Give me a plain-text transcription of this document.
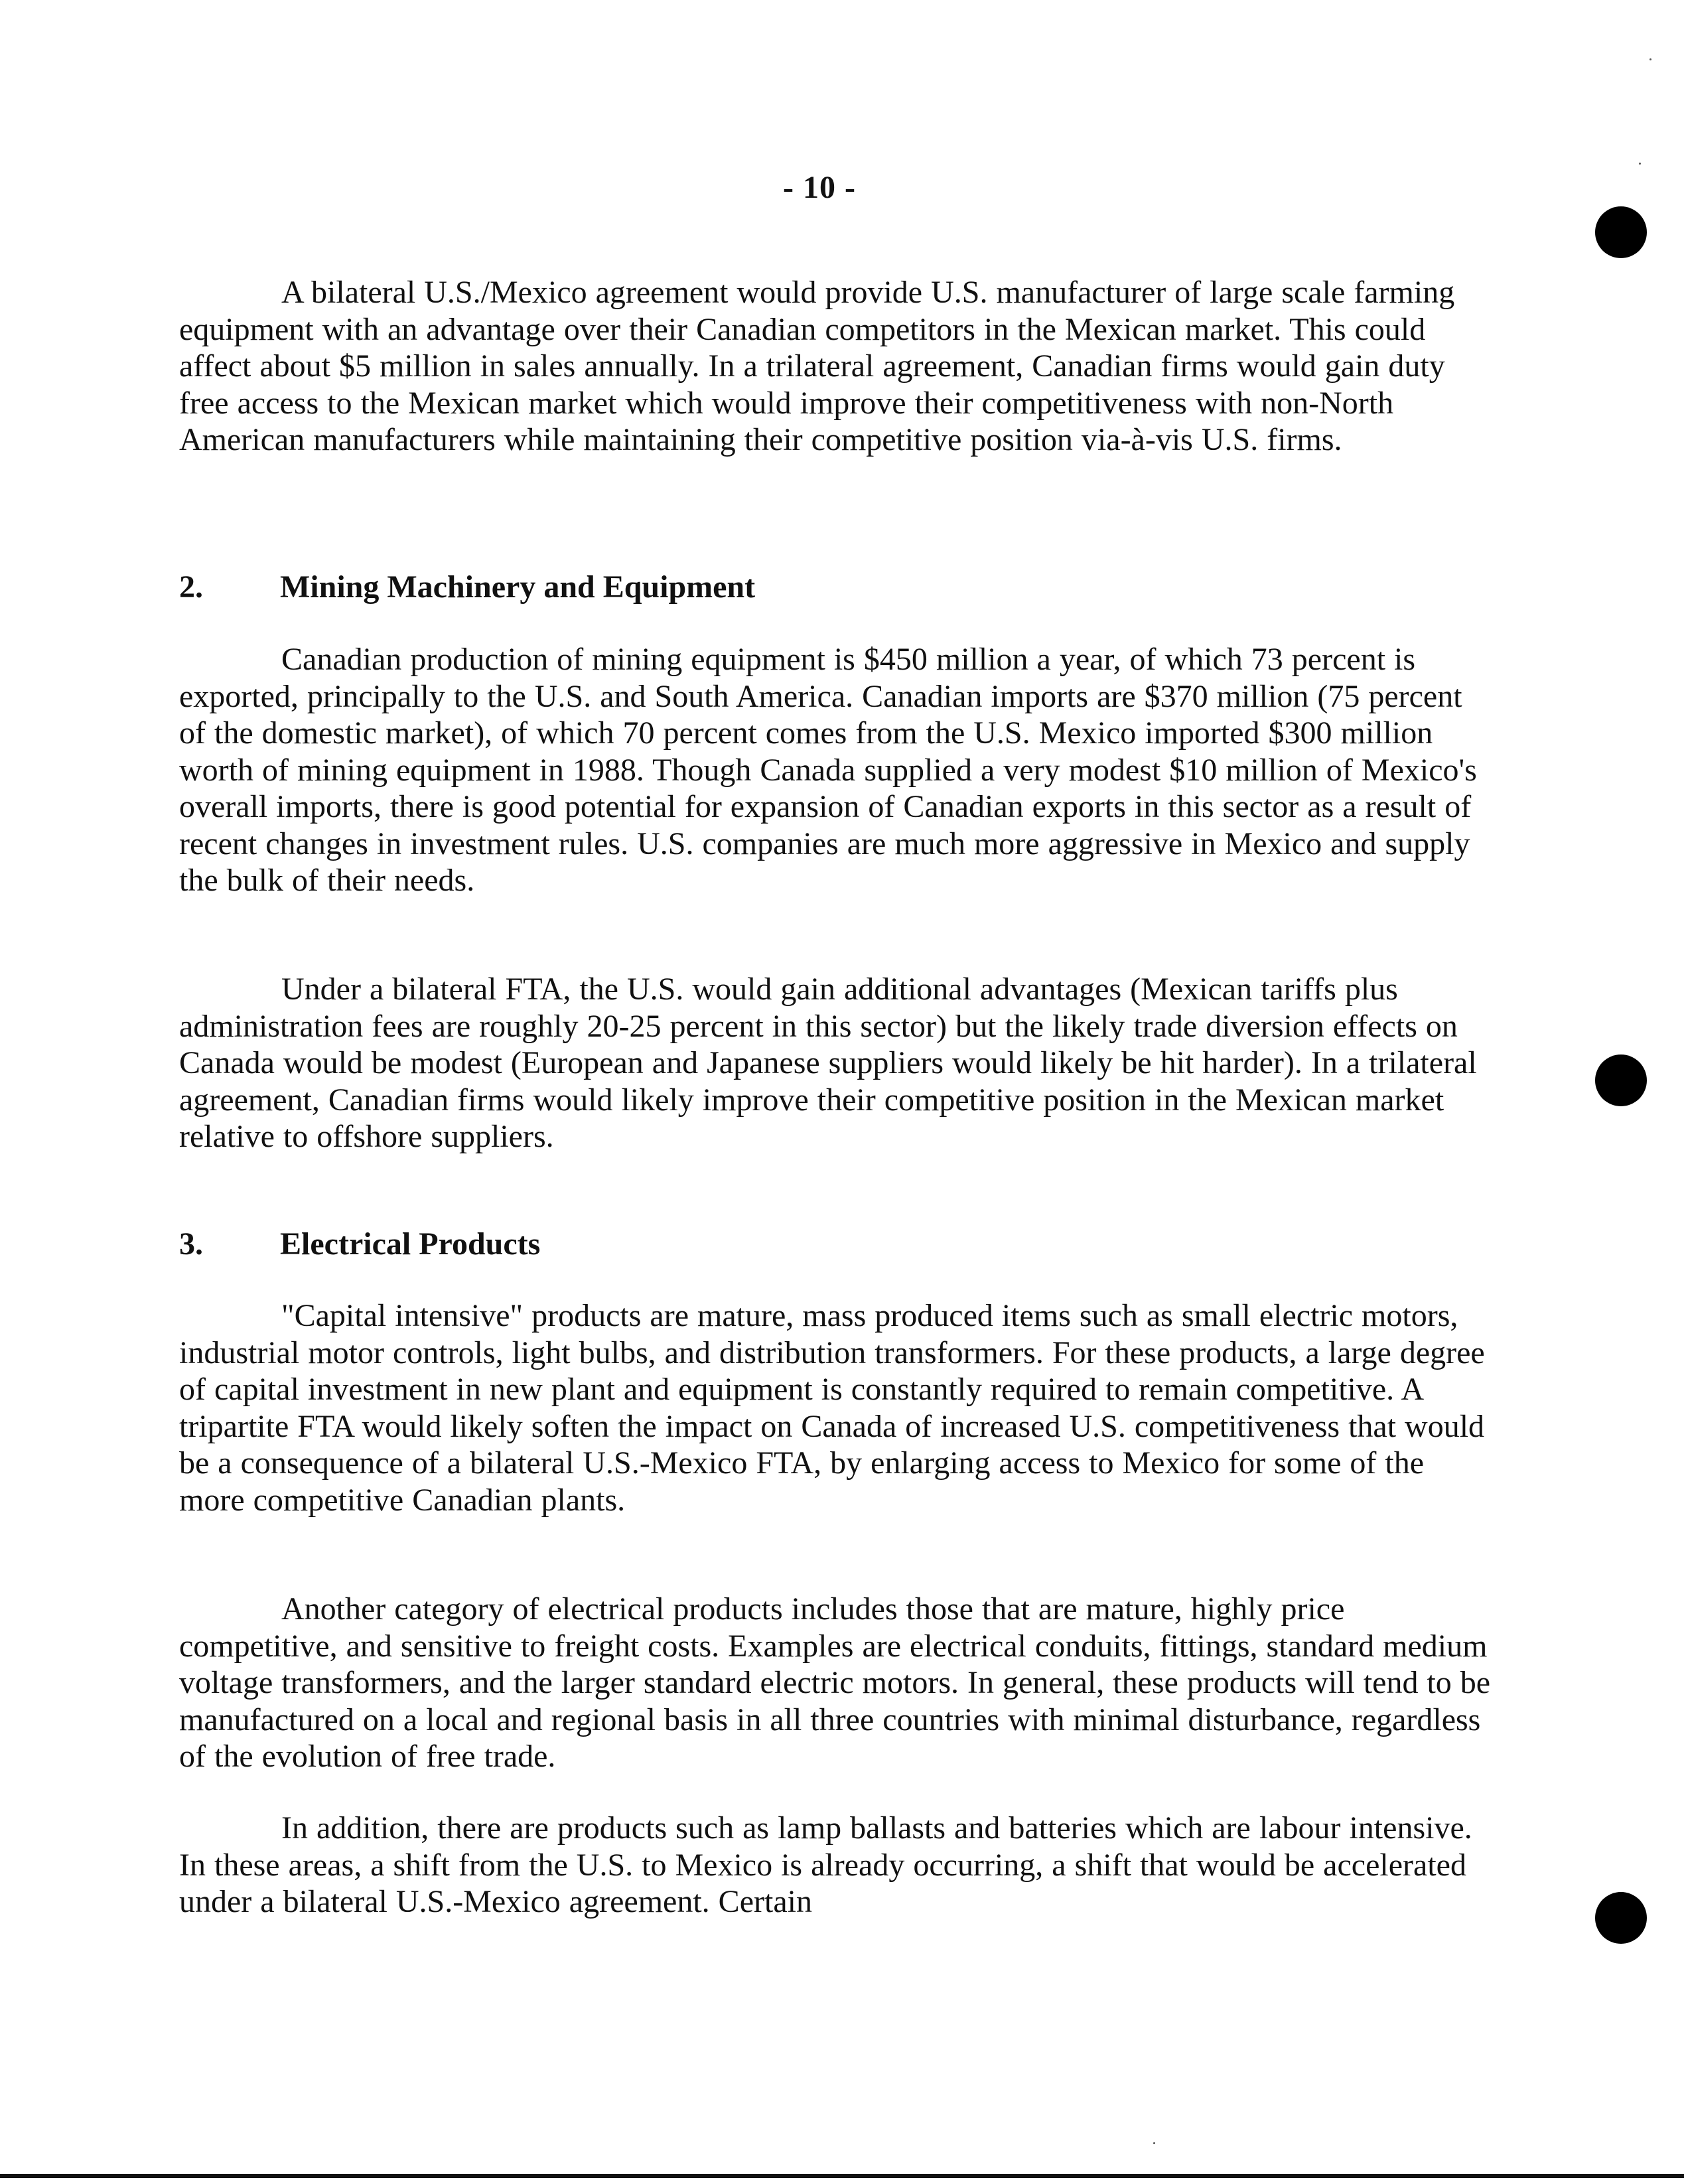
- 10 -

A bilateral U.S./Mexico agreement would provide U.S. manufacturer of large scale farming equipment with an advantage over their Canadian competitors in the Mexican market. This could affect about $5 million in sales annually. In a trilateral agreement, Canadian firms would gain duty free access to the Mexican market which would improve their competitiveness with non-North American manufacturers while maintaining their competitive position via-à-vis U.S. firms.

2. Mining Machinery and Equipment

Canadian production of mining equipment is $450 million a year, of which 73 percent is exported, principally to the U.S. and South America. Canadian imports are $370 million (75 percent of the domestic market), of which 70 percent comes from the U.S. Mexico imported $300 million worth of mining equipment in 1988. Though Canada supplied a very modest $10 million of Mexico's overall imports, there is good potential for expansion of Canadian exports in this sector as a result of recent changes in investment rules. U.S. companies are much more aggressive in Mexico and supply the bulk of their needs.

Under a bilateral FTA, the U.S. would gain additional advantages (Mexican tariffs plus administration fees are roughly 20-25 percent in this sector) but the likely trade diversion effects on Canada would be modest (European and Japanese suppliers would likely be hit harder). In a trilateral agreement, Canadian firms would likely improve their competitive position in the Mexican market relative to offshore suppliers.

3. Electrical Products

"Capital intensive" products are mature, mass produced items such as small electric motors, industrial motor controls, light bulbs, and distribution transformers. For these products, a large degree of capital investment in new plant and equipment is constantly required to remain competitive. A tripartite FTA would likely soften the impact on Canada of increased U.S. competitiveness that would be a consequence of a bilateral U.S.-Mexico FTA, by enlarging access to Mexico for some of the more competitive Canadian plants.

Another category of electrical products includes those that are mature, highly price competitive, and sensitive to freight costs. Examples are electrical conduits, fittings, standard medium voltage transformers, and the larger standard electric motors. In general, these products will tend to be manufactured on a local and regional basis in all three countries with minimal disturbance, regardless of the evolution of free trade.

In addition, there are products such as lamp ballasts and batteries which are labour intensive. In these areas, a shift from the U.S. to Mexico is already occurring, a shift that would be accelerated under a bilateral U.S.-Mexico agreement. Certain
